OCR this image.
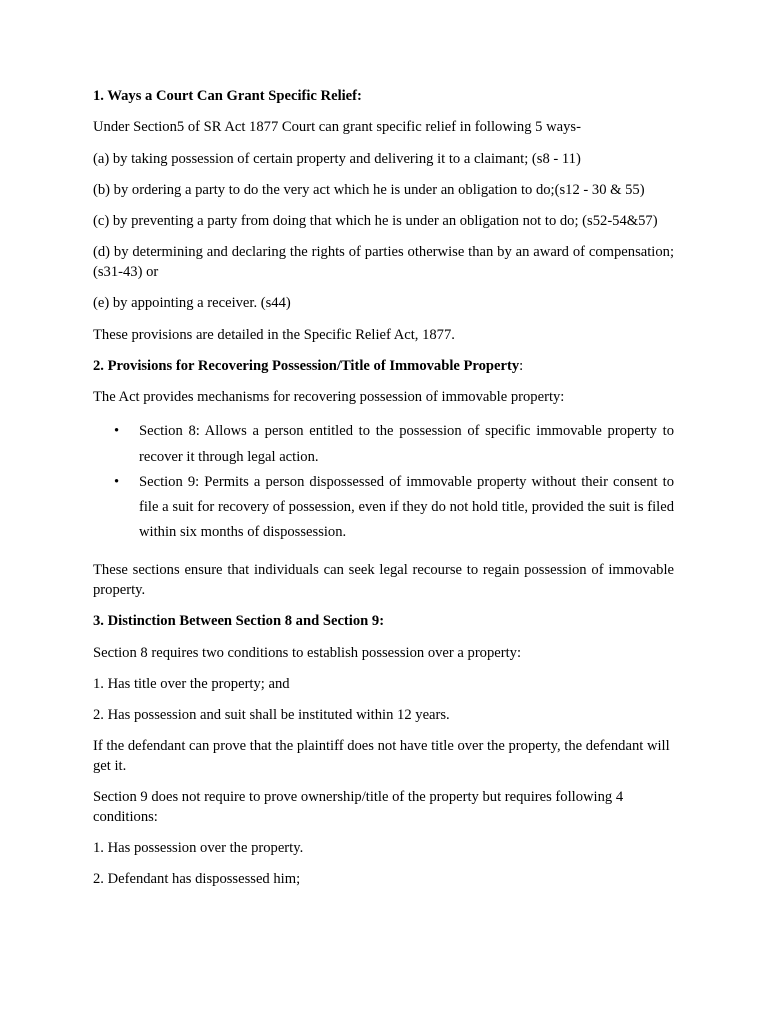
1. Ways a Court Can Grant Specific Relief:

Under Section5 of SR Act 1877 Court can grant specific relief in following 5 ways-

(a) by taking possession of certain property and delivering it to a claimant; (s8 - 11)

(b) by ordering a party to do the very act which he is under an obligation to do;(s12 - 30 & 55)

(c) by preventing a party from doing that which he is under an obligation not to do; (s52-54&57)

(d) by determining and declaring the rights of parties otherwise than by an award of compensation; (s31-43) or

(e) by appointing a receiver. (s44)

These provisions are detailed in the Specific Relief Act, 1877.

2. Provisions for Recovering Possession/Title of Immovable Property:

The Act provides mechanisms for recovering possession of immovable property:

• Section 8: Allows a person entitled to the possession of specific immovable property to recover it through legal action.
• Section 9: Permits a person dispossessed of immovable property without their consent to file a suit for recovery of possession, even if they do not hold title, provided the suit is filed within six months of dispossession.

These sections ensure that individuals can seek legal recourse to regain possession of immovable property.

3. Distinction Between Section 8 and Section 9:

Section 8 requires two conditions to establish possession over a property:

1. Has title over the property; and

2. Has possession and suit shall be instituted within 12 years.

If the defendant can prove that the plaintiff does not have title over the property, the defendant will get it.

Section 9 does not require to prove ownership/title of the property but requires following 4 conditions:

1. Has possession over the property.

2. Defendant has dispossessed him;
